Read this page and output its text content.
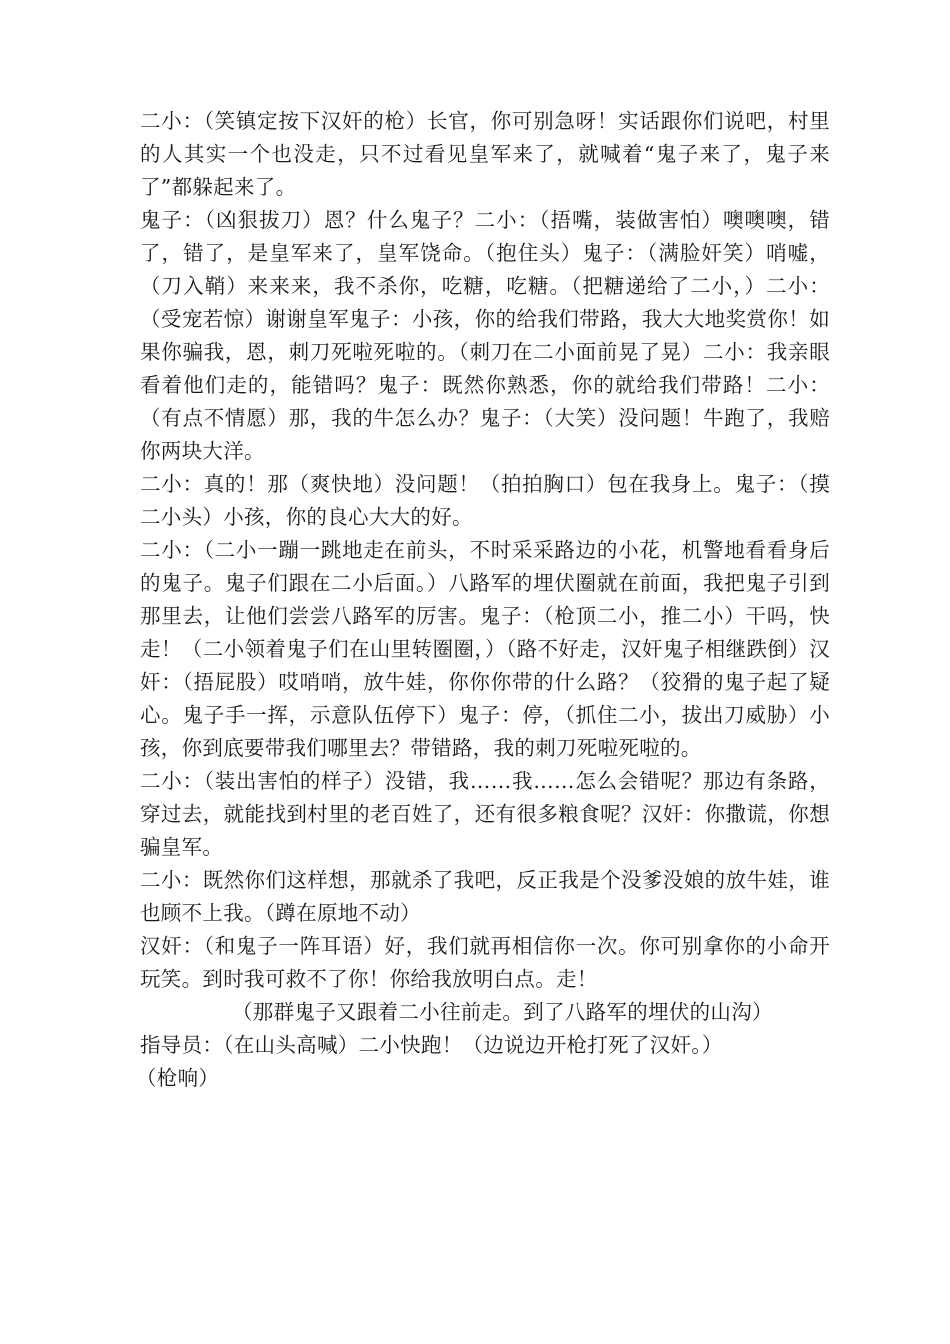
二小：（笑镇定按下汉奸的枪）长官，你可别急呀！实话跟你们说吧，村里的人其实一个也没走，只不过看见皇军来了，就喊着“鬼子来了，鬼子来了”都躲起来了。

鬼子：（凶狠拔刀）恩？什么鬼子？二小：（捂嘴，装做害怕）噢噢噢，错了，错了，是皇军来了，皇军饶命。（抱住头）鬼子：（满脸奸笑）哨嘘，（刀入鞘）来来来，我不杀你，吃糖，吃糖。（把糖递给了二小，）二小：（受宠若惊）谢谢皇军鬼子：小孩，你的给我们带路，我大大地奖赏你！如果你骗我，恩，刺刀死啦死啦的。（刺刀在二小面前晃了晃）二小：我亲眼看着他们走的，能错吗？鬼子：既然你熟悉，你的就给我们带路！二小：（有点不情愿）那，我的牛怎么办？鬼子：（大笑）没问题！牛跑了，我赔你两块大洋。

二小：真的！那（爽快地）没问题！（拍拍胸口）包在我身上。鬼子：（摸二小头）小孩，你的良心大大的好。

二小：（二小一蹦一跳地走在前头，不时采采路边的小花，机警地看看身后的鬼子。鬼子们跟在二小后面。）八路军的埋伏圈就在前面，我把鬼子引到那里去，让他们尝尝八路军的厉害。鬼子：（枪顶二小，推二小）干吗，快走！（二小领着鬼子们在山里转圈圈，）（路不好走，汉奸鬼子相继跌倒）汉奸：（捂屁股）哎哨哨，放牛娃，你你你带的什么路？（狡猾的鬼子起了疑心。鬼子手一挥，示意队伍停下）鬼子：停，（抓住二小，拔出刀威胁）小孩，你到底要带我们哪里去？带错路，我的刺刀死啦死啦的。

二小：（装出害怕的样子）没错，我……我……怎么会错呢？那边有条路，穿过去，就能找到村里的老百姓了，还有很多粮食呢？汉奸：你撒谎，你想骗皇军。

二小：既然你们这样想，那就杀了我吧，反正我是个没爹没娘的放牛娃，谁也顾不上我。（蹲在原地不动）

汉奸：（和鬼子一阵耳语）好，我们就再相信你一次。你可别拿你的小命开玩笑。到时我可救不了你！你给我放明白点。走！

（那群鬼子又跟着二小往前走。到了八路军的埋伏的山沟）

指导员：（在山头高喊）二小快跑！（边说边开枪打死了汉奸。）

（枪响）
